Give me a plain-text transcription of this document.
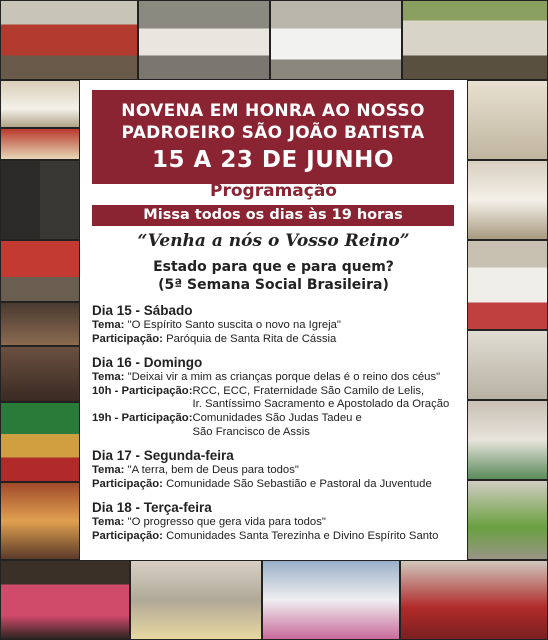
NOVENA EM HONRA AO NOSSO
PADROEIRO SÃO JOÃO BATISTA
15 A 23 DE JUNHO
Programação
Missa todos os dias às 19 horas
“Venha a nós o Vosso Reino”
Estado para que e para quem?
(5ª Semana Social Brasileira)
Dia 15 - Sábado
Tema: "O Espírito Santo suscita o novo na Igreja"
Participação: Paróquia de Santa Rita de Cássia
Dia 16 - Domingo
Tema: "Deixai vir a mim as crianças porque delas é o reino dos céus"
10h - Participação: RCC, ECC, Fraternidade São Camilo de Lelis,
Ir. Santíssimo Sacramento e Apostolado da Oração
19h - Participação: Comunidades São Judas Tadeu e
São Francisco de Assis
Dia 17 - Segunda-feira
Tema: "A terra, bem de Deus para todos"
Participação: Comunidade São Sebastião e Pastoral da Juventude
Dia 18 - Terça-feira
Tema: "O progresso que gera vida para todos"
Participação: Comunidades Santa Terezinha e Divino Espírito Santo
